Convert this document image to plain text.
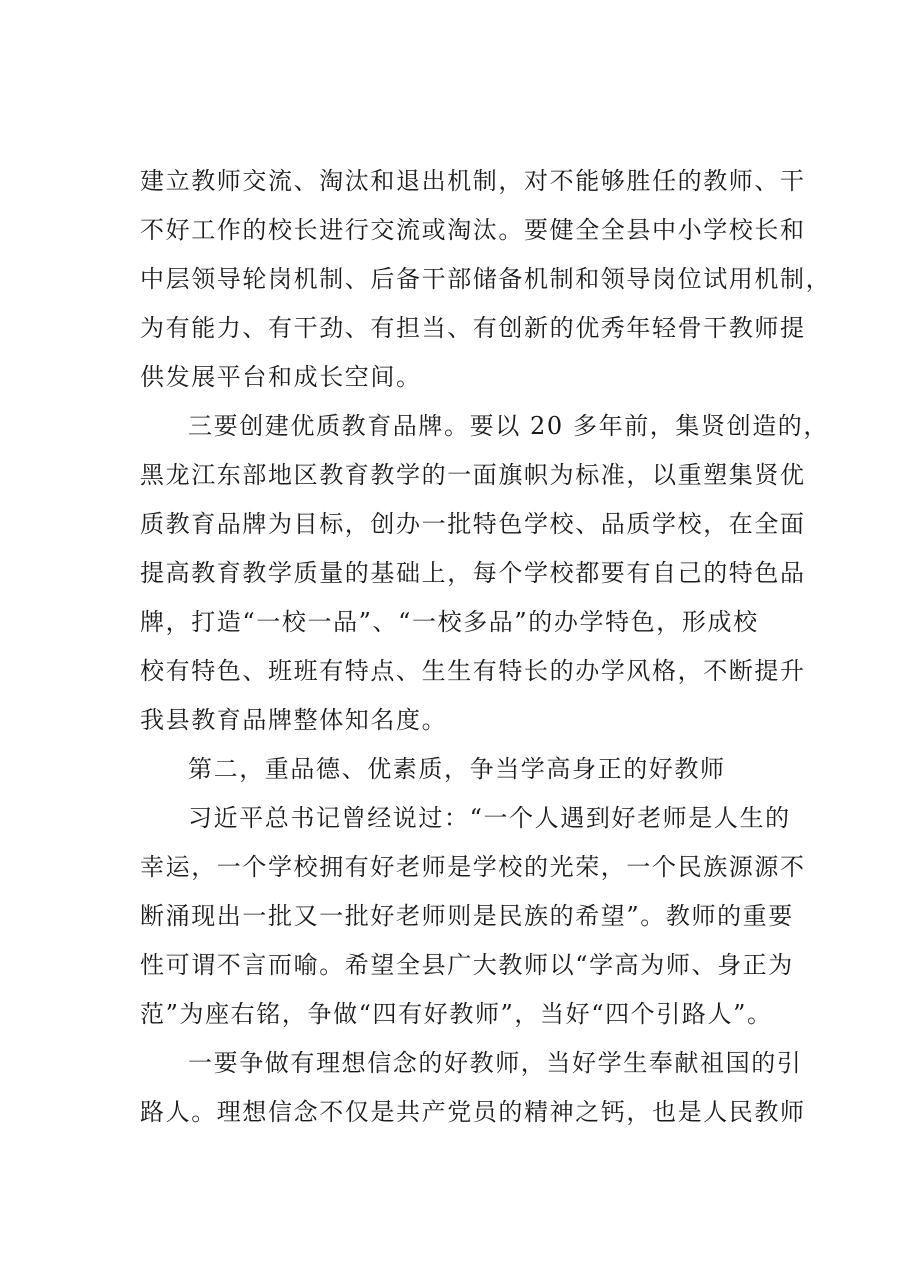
建立教师交流、淘汰和退出机制，对不能够胜任的教师、干
不好工作的校长进行交流或淘汰。要健全全县中小学校长和
中层领导轮岗机制、后备干部储备机制和领导岗位试用机制，
为有能力、有干劲、有担当、有创新的优秀年轻骨干教师提
供发展平台和成长空间。
三要创建优质教育品牌。要以 20 多年前，集贤创造的，
黑龙江东部地区教育教学的一面旗帜为标准，以重塑集贤优
质教育品牌为目标，创办一批特色学校、品质学校，在全面
提高教育教学质量的基础上，每个学校都要有自己的特色品
牌，打造“一校一品”、“一校多品”的办学特色，形成校
校有特色、班班有特点、生生有特长的办学风格，不断提升
我县教育品牌整体知名度。
第二，重品德、优素质，争当学高身正的好教师
习近平总书记曾经说过：“一个人遇到好老师是人生的
幸运，一个学校拥有好老师是学校的光荣，一个民族源源不
断涌现出一批又一批好老师则是民族的希望”。教师的重要
性可谓不言而喻。希望全县广大教师以“学高为师、身正为
范”为座右铭，争做“四有好教师”，当好“四个引路人”。
一要争做有理想信念的好教师，当好学生奉献祖国的引
路人。理想信念不仅是共产党员的精神之钙，也是人民教师
